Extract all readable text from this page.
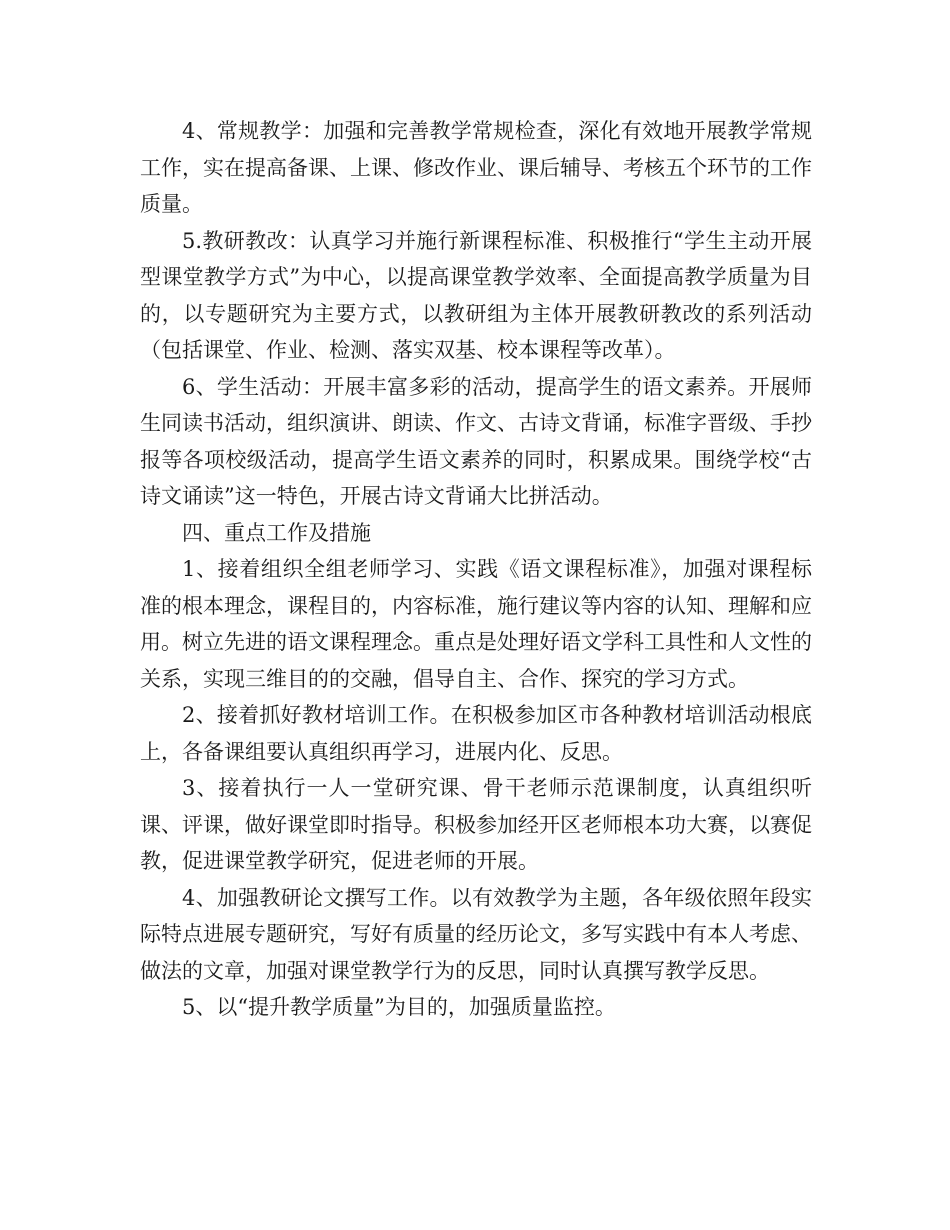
4、常规教学：加强和完善教学常规检查，深化有效地开展教学常规工作，实在提高备课、上课、修改作业、课后辅导、考核五个环节的工作质量。

5.教研教改：认真学习并施行新课程标准、积极推行“学生主动开展型课堂教学方式”为中心，以提高课堂教学效率、全面提高教学质量为目的，以专题研究为主要方式，以教研组为主体开展教研教改的系列活动（包括课堂、作业、检测、落实双基、校本课程等改革）。

6、学生活动：开展丰富多彩的活动，提高学生的语文素养。开展师生同读书活动，组织演讲、朗读、作文、古诗文背诵，标准字晋级、手抄报等各项校级活动，提高学生语文素养的同时，积累成果。围绕学校“古诗文诵读”这一特色，开展古诗文背诵大比拼活动。

四、重点工作及措施

1、接着组织全组老师学习、实践《语文课程标准》，加强对课程标准的根本理念，课程目的，内容标准，施行建议等内容的认知、理解和应用。树立先进的语文课程理念。重点是处理好语文学科工具性和人文性的关系，实现三维目的的交融，倡导自主、合作、探究的学习方式。

2、接着抓好教材培训工作。在积极参加区市各种教材培训活动根底上，各备课组要认真组织再学习，进展内化、反思。

3、接着执行一人一堂研究课、骨干老师示范课制度，认真组织听课、评课，做好课堂即时指导。积极参加经开区老师根本功大赛，以赛促教，促进课堂教学研究，促进老师的开展。

4、加强教研论文撰写工作。以有效教学为主题，各年级依照年段实际特点进展专题研究，写好有质量的经历论文，多写实践中有本人考虑、做法的文章，加强对课堂教学行为的反思，同时认真撰写教学反思。

5、以“提升教学质量”为目的，加强质量监控。
